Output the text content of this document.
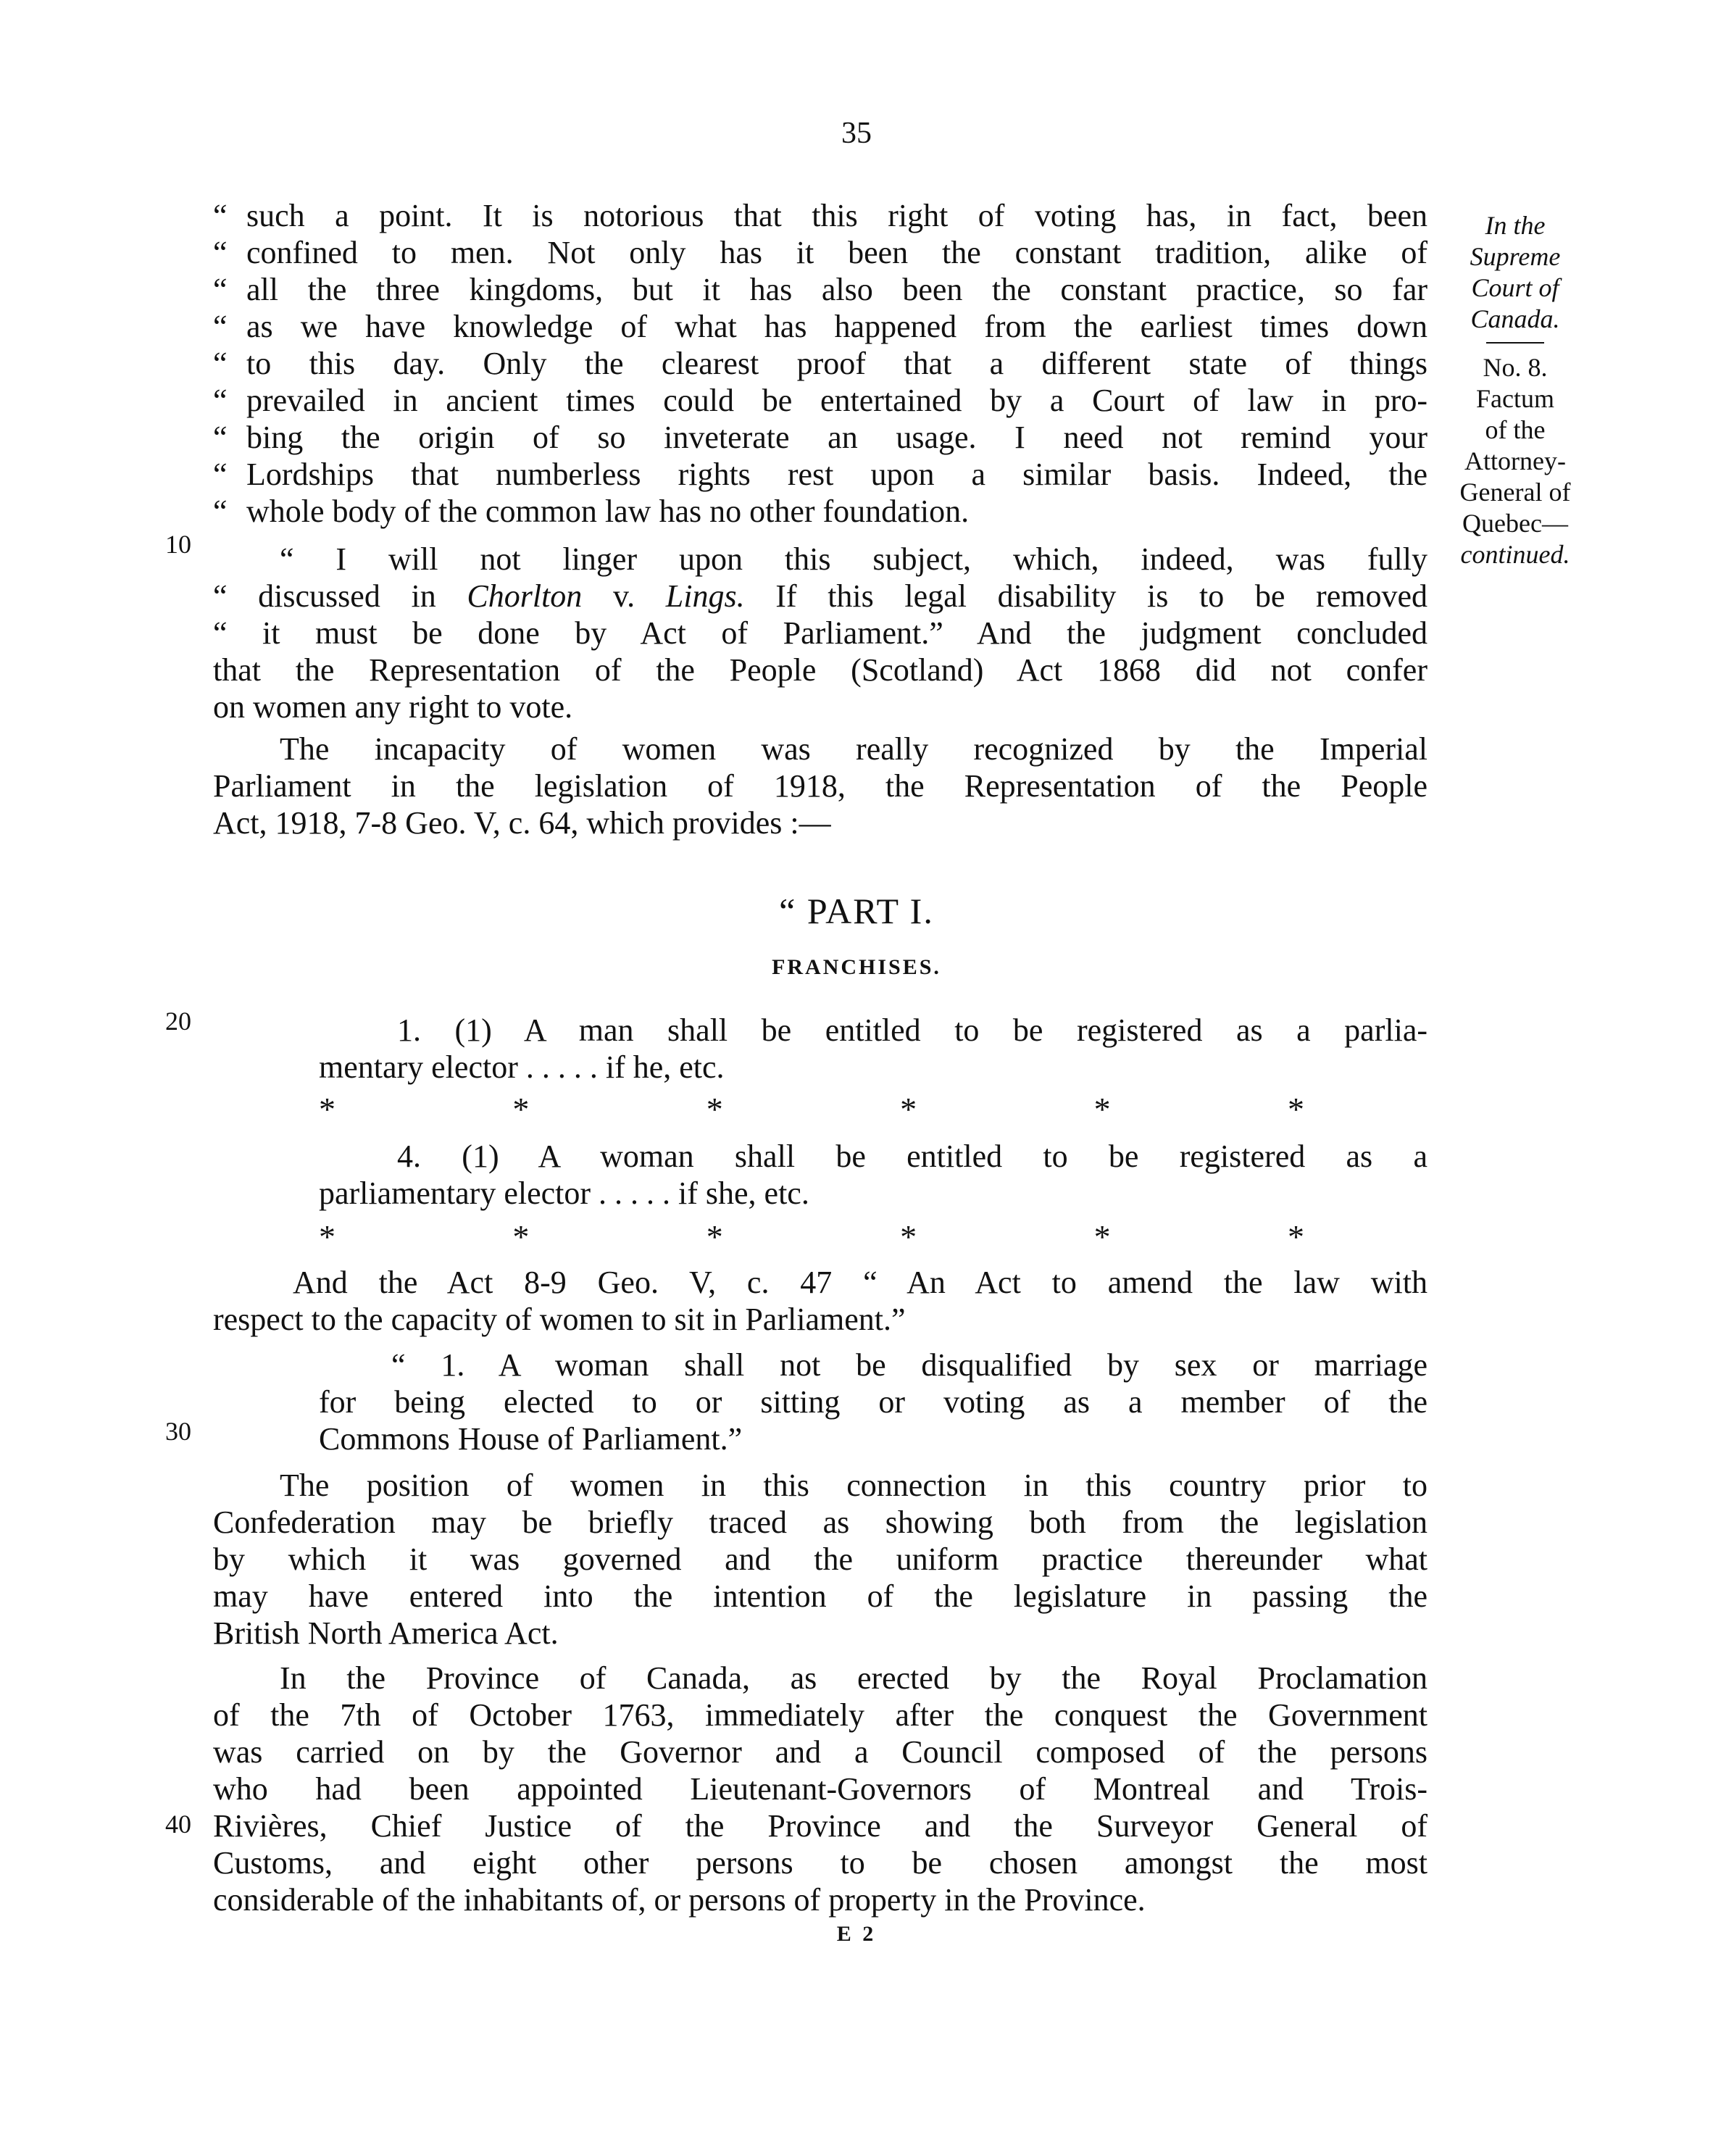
35
In the
Supreme
Court of
Canada.
No. 8.
Factum
of the
Attorney-
General of
Quebec—
continued.
10
20
30
40
“ such a point. It is notorious that this right of voting has, in fact, been
“ confined to men. Not only has it been the constant tradition, alike of
“ all the three kingdoms, but it has also been the constant practice, so far
“ as we have knowledge of what has happened from the earliest times down
“ to this day. Only the clearest proof that a different state of things
“ prevailed in ancient times could be entertained by a Court of law in pro-
“ bing the origin of so inveterate an usage. I need not remind your
“ Lordships that numberless rights rest upon a similar basis. Indeed, the
“ whole body of the common law has no other foundation.
“ I will not linger upon this subject, which, indeed, was fully
“ discussed in Chorlton v. Lings. If this legal disability is to be removed
“ it must be done by Act of Parliament.” And the judgment concluded
that the Representation of the People (Scotland) Act 1868 did not confer
on women any right to vote.
The incapacity of women was really recognized by the Imperial
Parliament in the legislation of 1918, the Representation of the People
Act, 1918, 7-8 Geo. V, c. 64, which provides :—
“ PART I.
FRANCHISES.
1. (1) A man shall be entitled to be registered as a parlia-
mentary elector . . . . . if he, etc.
*	*	*	*	*	*
4. (1) A woman shall be entitled to be registered as a
parliamentary elector . . . . . if she, etc.
*	*	*	*	*	*
And the Act 8-9 Geo. V, c. 47 “ An Act to amend the law with
respect to the capacity of women to sit in Parliament.”
“ 1. A woman shall not be disqualified by sex or marriage
for being elected to or sitting or voting as a member of the
Commons House of Parliament.”
The position of women in this connection in this country prior to
Confederation may be briefly traced as showing both from the legislation
by which it was governed and the uniform practice thereunder what
may have entered into the intention of the legislature in passing the
British North America Act.
In the Province of Canada, as erected by the Royal Proclamation
of the 7th of October 1763, immediately after the conquest the Government
was carried on by the Governor and a Council composed of the persons
who had been appointed Lieutenant-Governors of Montreal and Trois-
Rivières, Chief Justice of the Province and the Surveyor General of
Customs, and eight other persons to be chosen amongst the most
considerable of the inhabitants of, or persons of property in the Province.
E 2
